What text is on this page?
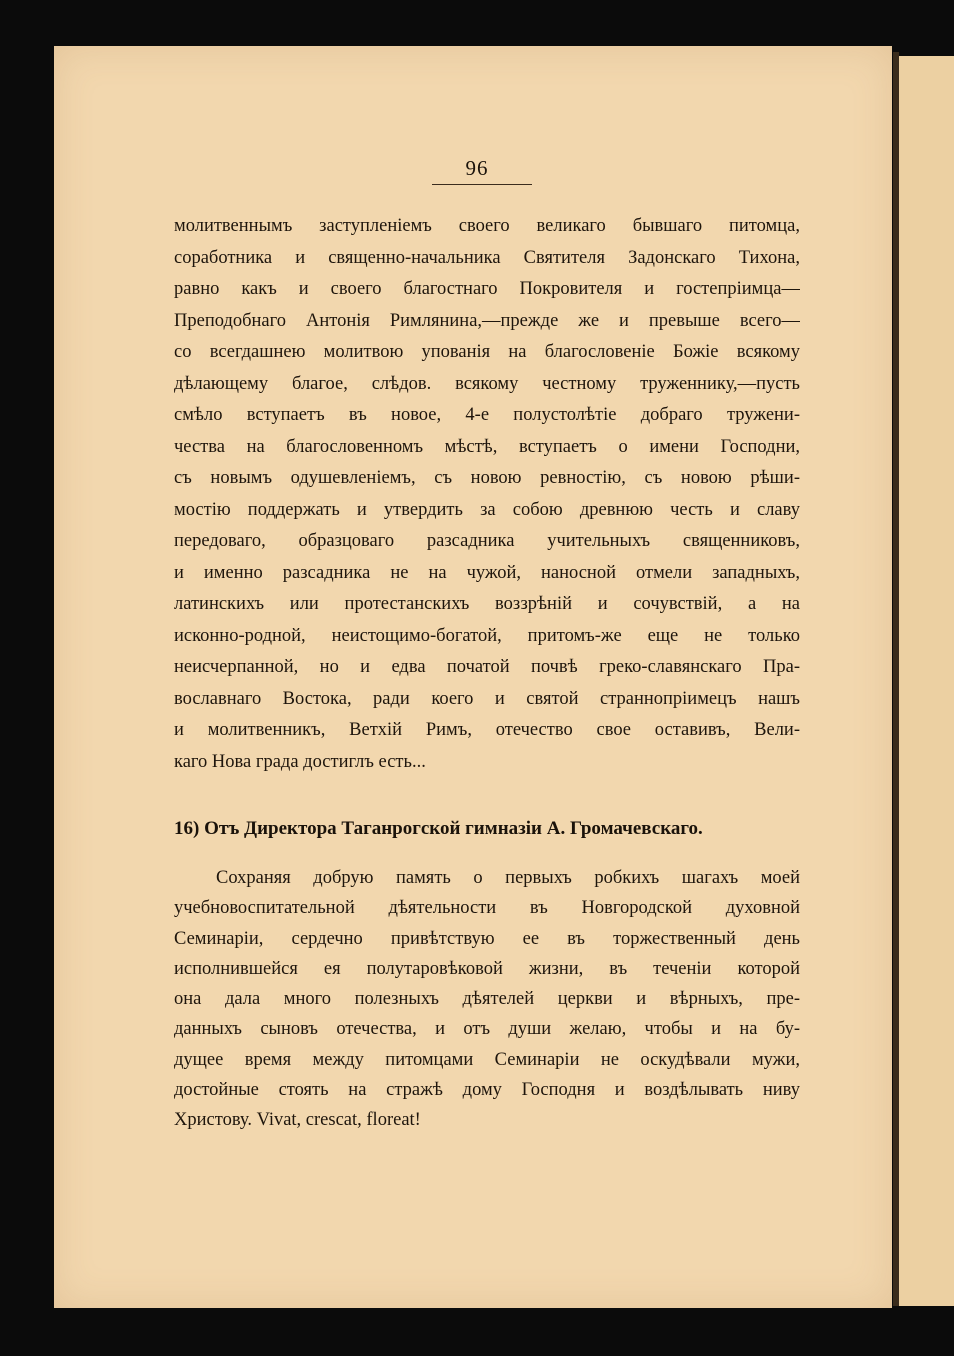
96
молитвеннымъ заступленіемъ своего великаго бывшаго питомца,
соработника и священно-начальника Святителя Задонскаго Тихона,
равно какъ и своего благостнаго Покровителя и гостепріимца—
Преподобнаго Антонія Римлянина,—прежде же и превыше всего—
со всегдашнею молитвою упованія на благословеніе Божіе всякому
дѣлающему благое, слѣдов. всякому честному труженнику,—пусть
смѣло вступаетъ въ новое, 4-е полустолѣтіе добраго тружени-
чества на благословенномъ мѣстѣ, вступаетъ о имени Господни,
съ новымъ одушевленіемъ, съ новою ревностію, съ новою рѣши-
мостію поддержать и утвердить за собою древнюю честь и славу
передоваго, образцоваго разсадника учительныхъ священниковъ,
и именно разсадника не на чужой, наносной отмели западныхъ,
латинскихъ или протестанскихъ воззрѣній и сочувствій, а на
исконно-родной, неистощимо-богатой, притомъ-же еще не только
неисчерпанной, но и едва початой почвѣ греко-славянскаго Пра-
вославнаго Востока, ради коего и святой страннопріимецъ нашъ
и молитвенникъ, Ветхій Римъ, отечество свое оставивъ, Вели-
каго Нова града достиглъ есть...
16) Отъ Директора Таганрогской гимназіи А. Громачевскаго.
Сохраняя добрую память о первыхъ робкихъ шагахъ моей
учебновоспитательной дѣятельности въ Новгородской духовной
Семинаріи, сердечно привѣтствую ее въ торжественный день
исполнившейся ея полутаровѣковой жизни, въ теченіи которой
она дала много полезныхъ дѣятелей церкви и вѣрныхъ, пре-
данныхъ сыновъ отечества, и отъ души желаю, чтобы и на бу-
дущее время между питомцами Семинаріи не оскудѣвали мужи,
достойные стоять на стражѣ дому Господня и воздѣлывать ниву
Христову. Vivat, crescat, floreat!
